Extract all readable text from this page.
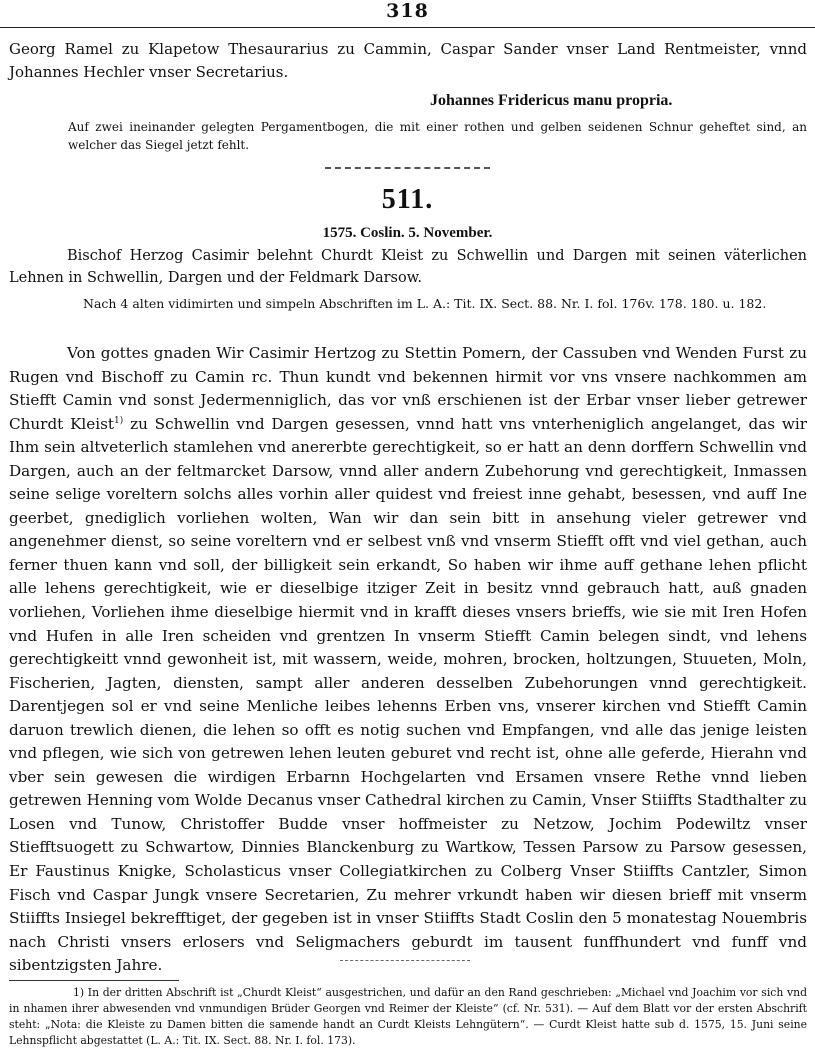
318
Georg Ramel zu Klapetow Thesaurarius zu Cammin, Caspar Sander vnser Land Rentmeister, vnnd Johannes Hechler vnser Secretarius.
Johannes Fridericus manu propria.
Auf zwei ineinander gelegten Pergamentbogen, die mit einer rothen und gelben seidenen Schnur geheftet sind, an welcher das Siegel jetzt fehlt.
511.
1575. Coslin. 5. November.
Bischof Herzog Casimir belehnt Churdt Kleist zu Schwellin und Dargen mit seinen väterlichen Lehnen in Schwellin, Dargen und der Feldmark Darsow.
Nach 4 alten vidimirten und simpeln Abschriften im L. A.: Tit. IX. Sect. 88. Nr. I. fol. 176v. 178. 180. u. 182.
Von gottes gnaden Wir Casimir Hertzog zu Stettin Pomern, der Cassuben vnd Wenden Furst zu Rugen vnd Bischoff zu Camin rc. Thun kundt vnd bekennen hirmit vor vns vnsere nachkommen am Stiefft Camin vnd sonst Jedermenniglich, das vor vnß erschienen ist der Erbar vnser lieber getrewer Churdt Kleist$^{1)}$ zu Schwellin vnd Dargen gesessen, vnnd hatt vns vnterheniglich angelanget, das wir Ihm sein altveterlich stamlehen vnd anererbte gerechtigkeit, so er hatt an denn dorffern Schwellin vnd Dargen, auch an der feltmarcket Darsow, vnnd aller andern Zubehorung vnd gerechtigkeit, Inmassen seine selige voreltern solchs alles vorhin aller quidest vnd freiest inne gehabt, besessen, vnd auff Ine geerbet, gnediglich vorliehen wolten, Wan wir dan sein bitt in ansehung vieler getrewer vnd angenehmer dienst, so seine voreltern vnd er selbest vnß vnd vnserm Stiefft offt vnd viel gethan, auch ferner thuen kann vnd soll, der billigkeit sein erkandt, So haben wir ihme auff gethane lehen pflicht alle lehens gerechtigkeit, wie er dieselbige itziger Zeit in besitz vnnd gebrauch hatt, auß gnaden vorliehen, Vorliehen ihme dieselbige hiermit vnd in krafft dieses vnsers brieffs, wie sie mit Iren Hofen vnd Hufen in alle Iren scheiden vnd grentzen In vnserm Stiefft Camin belegen sindt, vnd lehens gerechtigkeitt vnnd gewonheit ist, mit wassern, weide, mohren, brocken, holtzungen, Stuueten, Moln, Fischerien, Jagten, diensten, sampt aller anderen desselben Zubehorungen vnnd gerechtigkeit. Darentjegen sol er vnd seine Menliche leibes lehenns Erben vns, vnserer kirchen vnd Stiefft Camin daruon trewlich dienen, die lehen so offt es notig suchen vnd Empfangen, vnd alle das jenige leisten vnd pflegen, wie sich von getrewen lehen leuten geburet vnd recht ist, ohne alle geferde, Hierahn vnd vber sein gewesen die wirdigen Erbarnn Hochgelarten vnd Ersamen vnsere Rethe vnnd lieben getrewen Henning vom Wolde Decanus vnser Cathedral kirchen zu Camin, Vnser Stiiffts Stadthalter zu Losen vnd Tunow, Christoffer Budde vnser hoffmeister zu Netzow, Jochim Podewiltz vnser Stiefftsuogett zu Schwartow, Dinnies Blanckenburg zu Wartkow, Tessen Parsow zu Parsow gesessen, Er Faustinus Knigke, Scholasticus vnser Collegiatkirchen zu Colberg Vnser Stiiffts Cantzler, Simon Fisch vnd Caspar Jungk vnsere Secretarien, Zu mehrer vrkundt haben wir diesen brieff mit vnserm Stiiffts Insiegel bekrefftiget, der gegeben ist in vnser Stiiffts Stadt Coslin den 5 monatestag Nouembris nach Christi vnsers erlosers vnd Seligmachers geburdt im tausent funffhundert vnd funff vnd sibentzigsten Jahre.
1) In der dritten Abschrift ist „Churdt Kleist“ ausgestrichen, und dafür an den Rand geschrieben: „Michael vnd Joachim vor sich vnd in nhamen ihrer abwesenden vnd vnmundigen Brüder Georgen vnd Reimer der Kleiste“ (cf. Nr. 531). — Auf dem Blatt vor der ersten Abschrift steht: „Nota: die Kleiste zu Damen bitten die samende handt an Curdt Kleists Lehngütern“. — Curdt Kleist hatte sub d. 1575, 15. Juni seine Lehnspflicht abgestattet (L. A.: Tit. IX. Sect. 88. Nr. I. fol. 173).
